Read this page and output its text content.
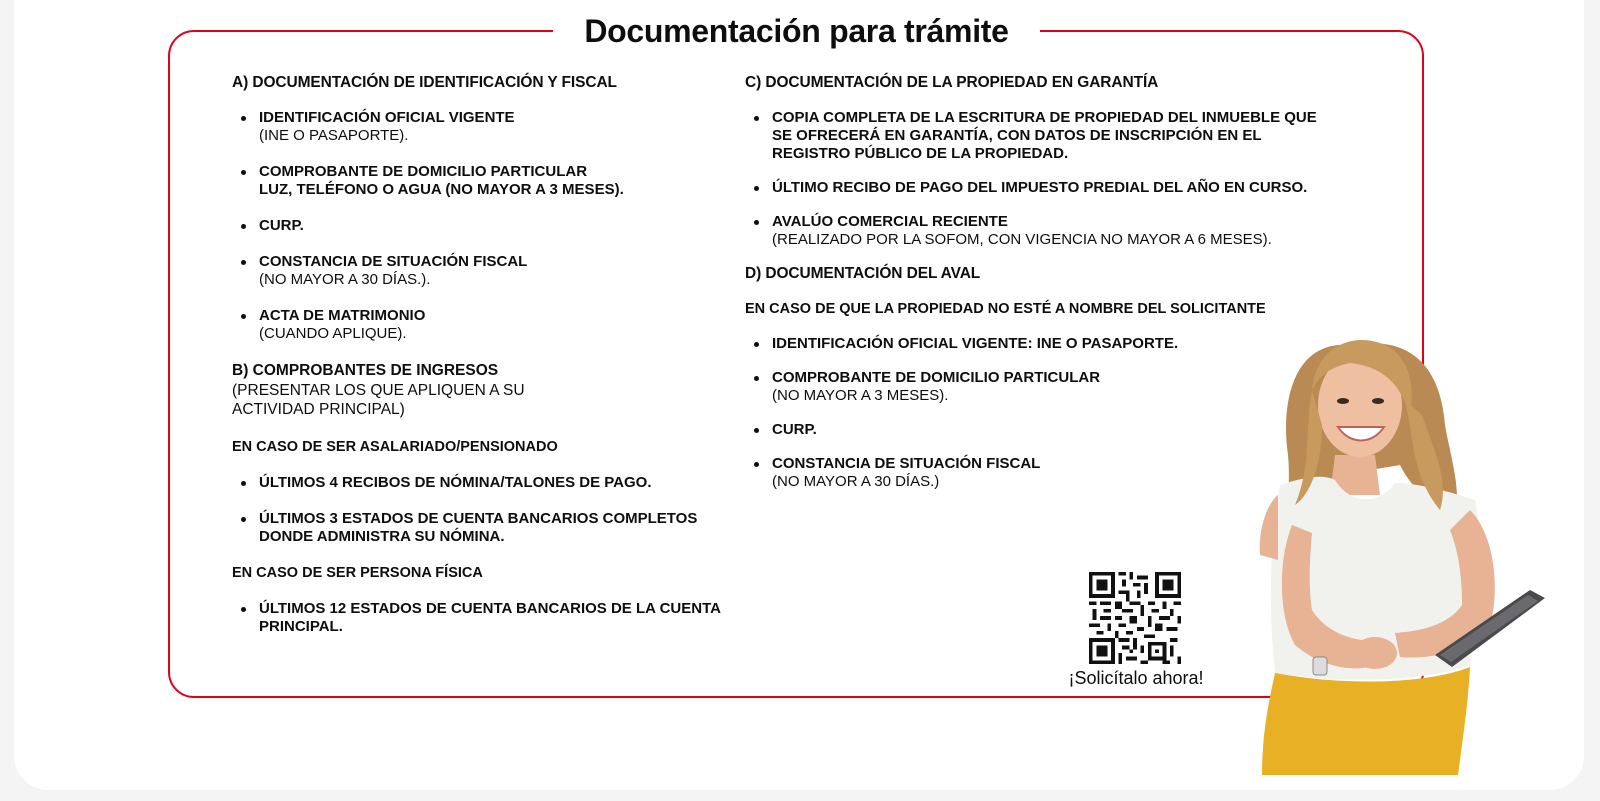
Documentación para trámite
A) DOCUMENTACIÓN DE IDENTIFICACIÓN Y FISCAL
IDENTIFICACIÓN OFICIAL VIGENTE
(INE O PASAPORTE).
COMPROBANTE DE DOMICILIO PARTICULAR
LUZ, TELÉFONO O AGUA (NO MAYOR A 3 MESES).
CURP.
CONSTANCIA DE SITUACIÓN FISCAL
(NO MAYOR A 30 DÍAS.).
ACTA DE MATRIMONIO
(CUANDO APLIQUE).
B) COMPROBANTES DE INGRESOS
(PRESENTAR LOS QUE APLIQUEN A SU
ACTIVIDAD PRINCIPAL)
EN CASO DE SER ASALARIADO/PENSIONADO
ÚLTIMOS 4 RECIBOS DE NÓMINA/TALONES DE PAGO.
ÚLTIMOS 3 ESTADOS DE CUENTA BANCARIOS COMPLETOS
DONDE ADMINISTRA SU NÓMINA.
EN CASO DE SER PERSONA FÍSICA
ÚLTIMOS 12 ESTADOS DE CUENTA BANCARIOS DE LA CUENTA
PRINCIPAL.
C) DOCUMENTACIÓN DE LA PROPIEDAD EN GARANTÍA
COPIA COMPLETA DE LA ESCRITURA DE PROPIEDAD DEL INMUEBLE QUE
SE OFRECERÁ EN GARANTÍA, CON DATOS DE INSCRIPCIÓN EN EL
REGISTRO PÚBLICO DE LA PROPIEDAD.
ÚLTIMO RECIBO DE PAGO DEL IMPUESTO PREDIAL DEL AÑO EN CURSO.
AVALÚO COMERCIAL RECIENTE
(REALIZADO POR LA SOFOM, CON VIGENCIA NO MAYOR A 6 MESES).
D) DOCUMENTACIÓN DEL AVAL
EN CASO DE QUE LA PROPIEDAD NO ESTÉ A NOMBRE DEL SOLICITANTE
IDENTIFICACIÓN OFICIAL VIGENTE: INE O PASAPORTE.
COMPROBANTE DE DOMICILIO PARTICULAR
(NO MAYOR A 3 MESES).
CURP.
CONSTANCIA DE SITUACIÓN FISCAL
(NO MAYOR A 30 DÍAS.)

¡Solicítalo ahora!
